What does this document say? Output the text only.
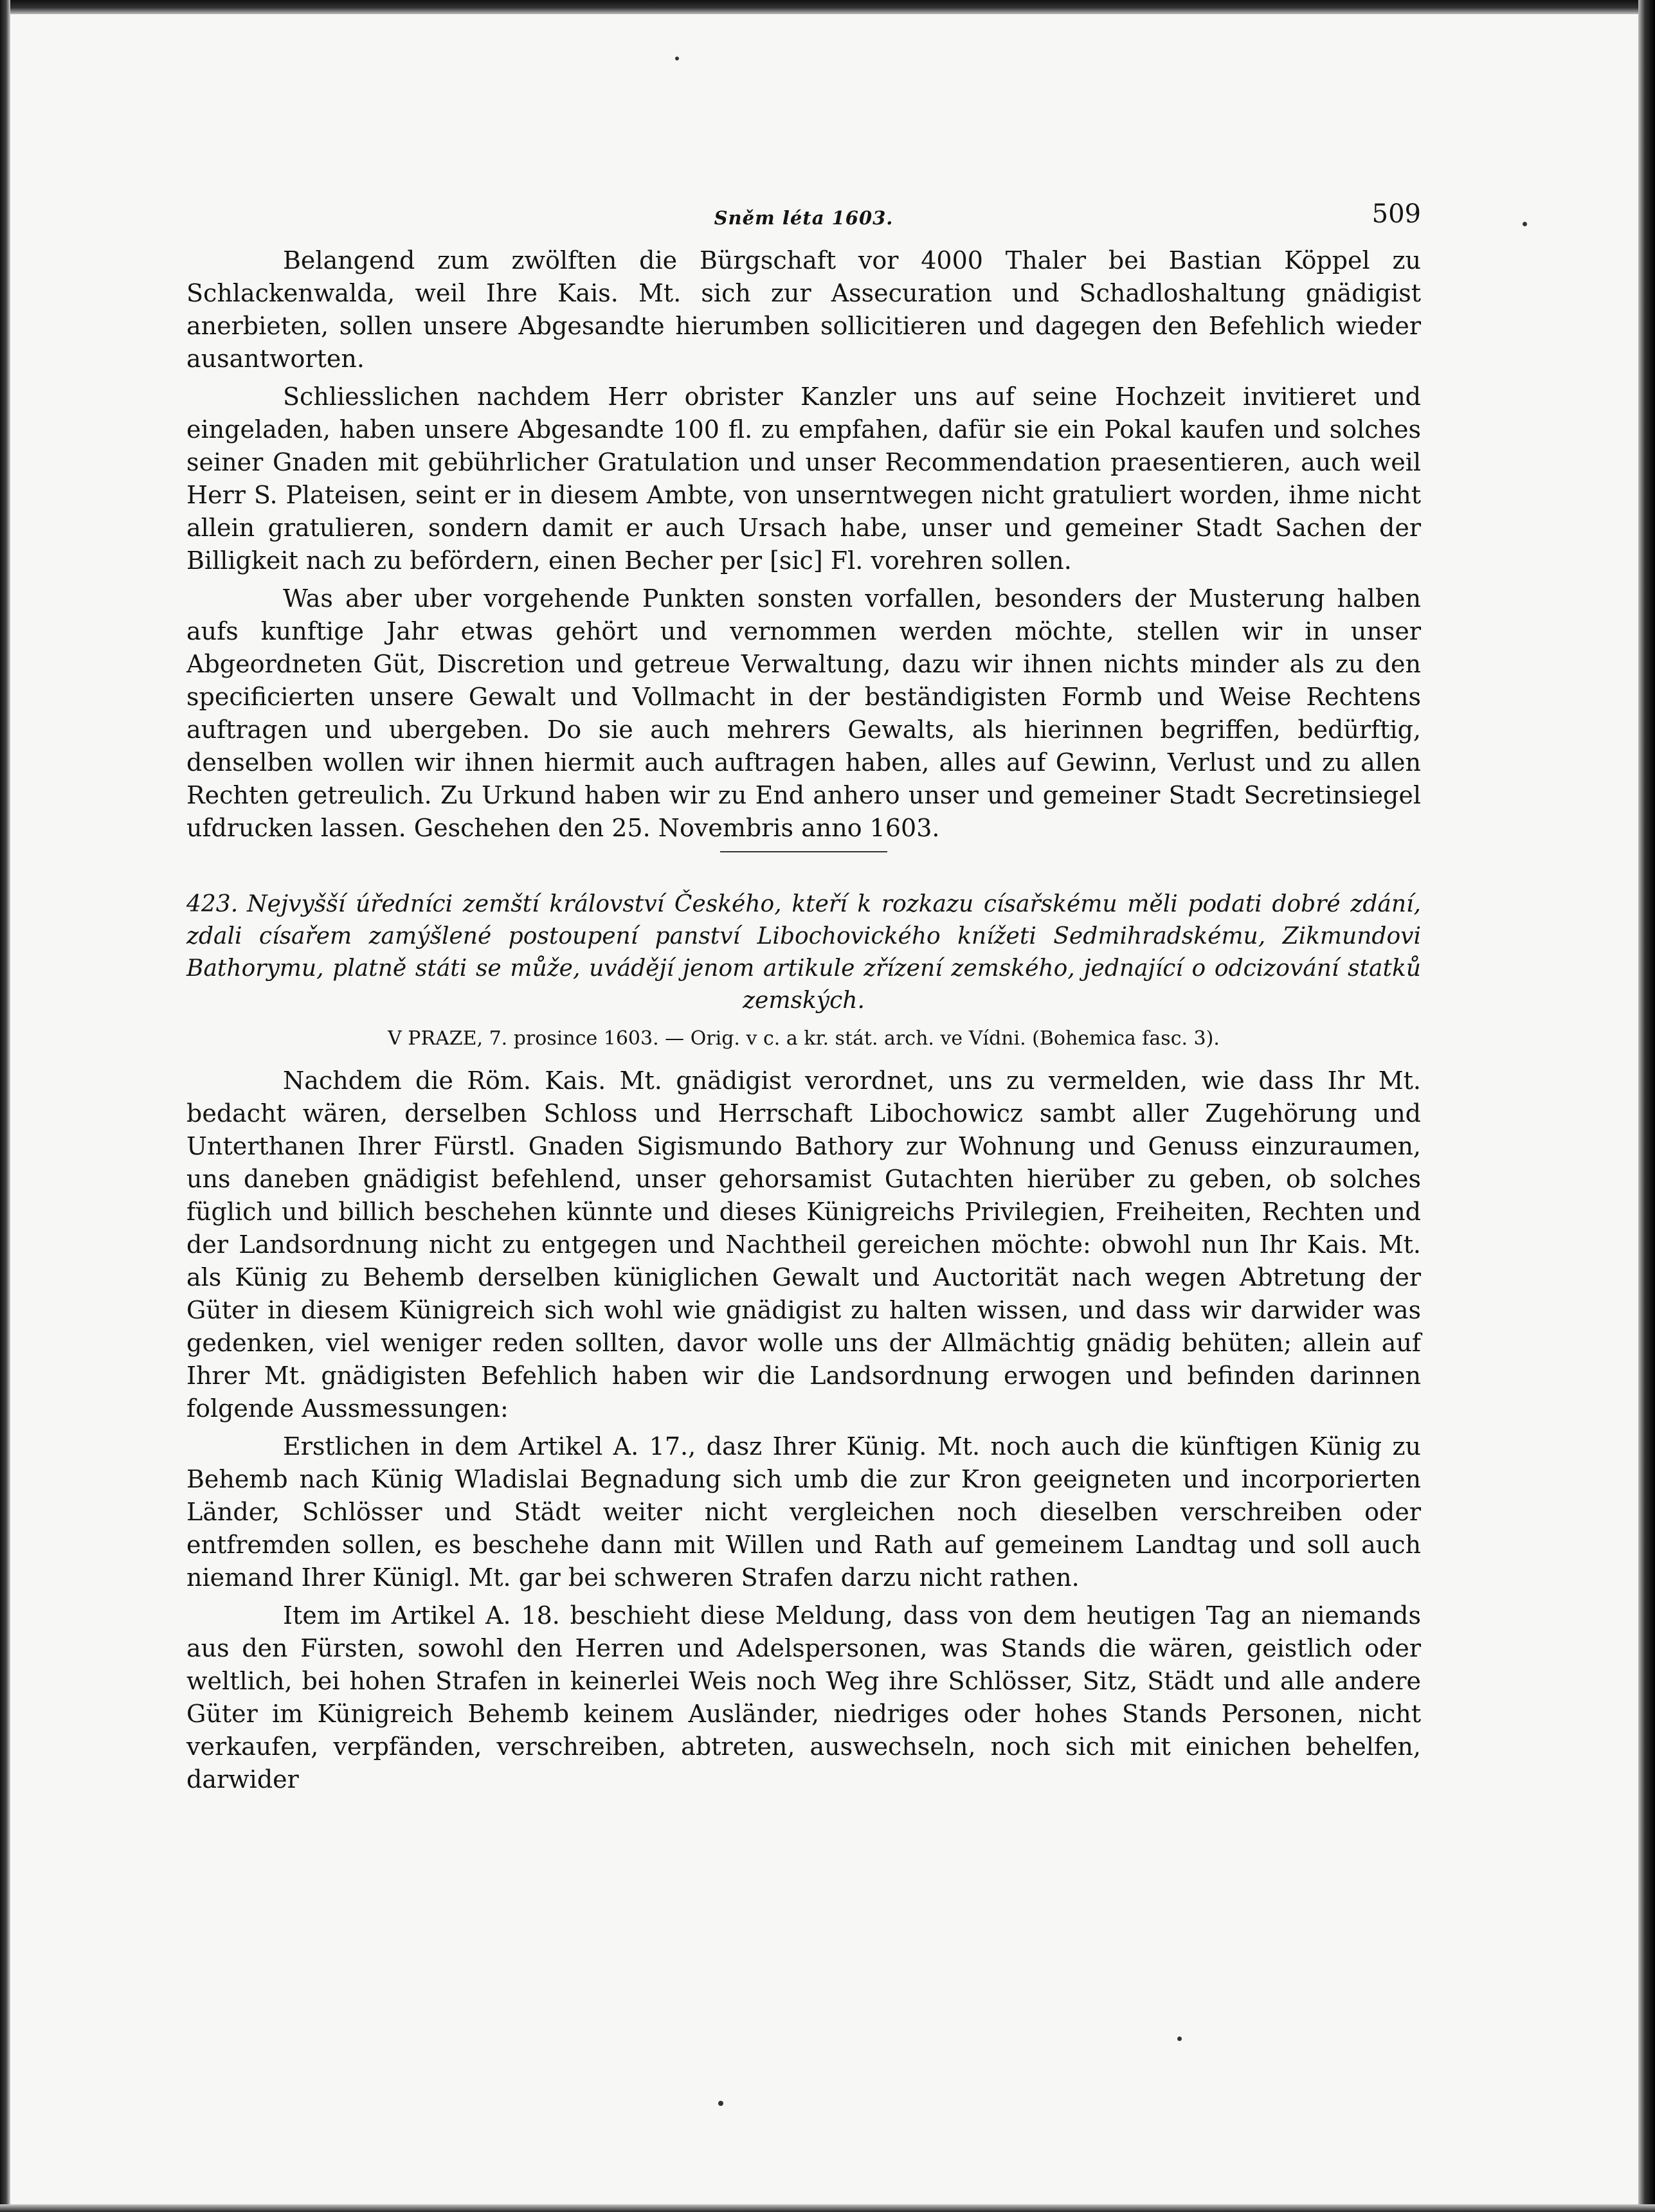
Sněm léta 1603.	509

Belangend zum zwölften die Bürgschaft vor 4000 Thaler bei Bastian Köppel zu Schlackenwalda, weil Ihre Kais. Mt. sich zur Assecuration und Schadloshaltung gnädigist anerbieten, sollen unsere Abgesandte hierumben sollicitieren und dagegen den Befehlich wieder ausantworten.

Schliesslichen nachdem Herr obrister Kanzler uns auf seine Hochzeit invitieret und eingeladen, haben unsere Abgesandte 100 fl. zu empfahen, dafür sie ein Pokal kaufen und solches seiner Gnaden mit gebührlicher Gratulation und unser Recommendation praesentieren, auch weil Herr S. Plateisen, seint er in diesem Ambte, von unserntwegen nicht gratuliert worden, ihme nicht allein gratulieren, sondern damit er auch Ursach habe, unser und gemeiner Stadt Sachen der Billigkeit nach zu befördern, einen Becher per [sic] Fl. vorehren sollen.

Was aber uber vorgehende Punkten sonsten vorfallen, besonders der Musterung halben aufs kunftige Jahr etwas gehört und vernommen werden möchte, stellen wir in unser Abgeordneten Güt, Discretion und getreue Verwaltung, dazu wir ihnen nichts minder als zu den specificierten unsere Gewalt und Vollmacht in der beständigisten Formb und Weise Rechtens auftragen und ubergeben. Do sie auch mehrers Gewalts, als hierinnen begriffen, bedürftig, denselben wollen wir ihnen hiermit auch auftragen haben, alles auf Gewinn, Verlust und zu allen Rechten getreulich. Zu Urkund haben wir zu End anhero unser und gemeiner Stadt Secretinsiegel ufdrucken lassen. Geschehen den 25. Novembris anno 1603.

423. Nejvyšší úředníci zemští království Českého, kteří k rozkazu císařskému měli podati dobré zdání, zdali císařem zamýšlené postoupení panství Libochovického knížeti Sedmihradskému, Zikmundovi Bathorymu, platně státi se může, uvádějí jenom artikule zřízení zemského, jednající o odcizování statků zemských.

V PRAZE, 7. prosince 1603. — Orig. v c. a kr. stát. arch. ve Vídni. (Bohemica fasc. 3).

Nachdem die Röm. Kais. Mt. gnädigist verordnet, uns zu vermelden, wie dass Ihr Mt. bedacht wären, derselben Schloss und Herrschaft Libochowicz sambt aller Zugehörung und Unterthanen Ihrer Fürstl. Gnaden Sigismundo Bathory zur Wohnung und Genuss einzuraumen, uns daneben gnädigist befehlend, unser gehorsamist Gutachten hierüber zu geben, ob solches füglich und billich beschehen künnte und dieses Künigreichs Privilegien, Freiheiten, Rechten und der Landsordnung nicht zu entgegen und Nachtheil gereichen möchte: obwohl nun Ihr Kais. Mt. als Künig zu Behemb derselben küniglichen Gewalt und Auctorität nach wegen Abtretung der Güter in diesem Künigreich sich wohl wie gnädigist zu halten wissen, und dass wir darwider was gedenken, viel weniger reden sollten, davor wolle uns der Allmächtig gnädig behüten; allein auf Ihrer Mt. gnädigisten Befehlich haben wir die Landsordnung erwogen und befinden darinnen folgende Aussmessungen:

Erstlichen in dem Artikel A. 17., dasz Ihrer Künig. Mt. noch auch die künftigen Künig zu Behemb nach Künig Wladislai Begnadung sich umb die zur Kron geeigneten und incorporierten Länder, Schlösser und Städt weiter nicht vergleichen noch dieselben verschreiben oder entfremden sollen, es beschehe dann mit Willen und Rath auf gemeinem Landtag und soll auch niemand Ihrer Künigl. Mt. gar bei schweren Strafen darzu nicht rathen.

Item im Artikel A. 18. beschieht diese Meldung, dass von dem heutigen Tag an niemands aus den Fürsten, sowohl den Herren und Adelspersonen, was Stands die wären, geistlich oder weltlich, bei hohen Strafen in keinerlei Weis noch Weg ihre Schlösser, Sitz, Städt und alle andere Güter im Künigreich Behemb keinem Ausländer, niedriges oder hohes Stands Personen, nicht verkaufen, verpfänden, verschreiben, abtreten, auswechseln, noch sich mit einichen behelfen, darwider
